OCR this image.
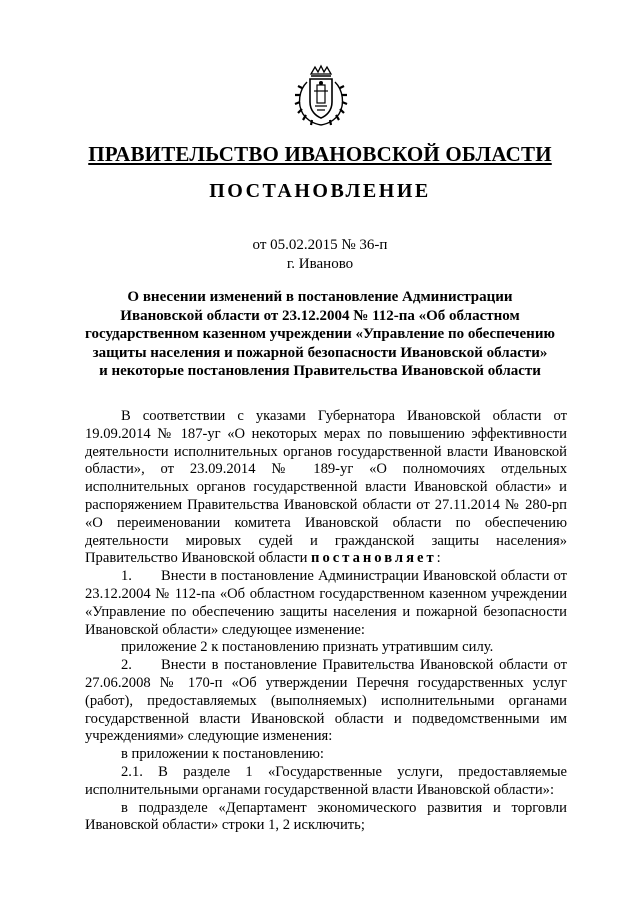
ПРАВИТЕЛЬСТВО ИВАНОВСКОЙ ОБЛАСТИ
ПОСТАНОВЛЕНИЕ
от 05.02.2015 № 36-п
г. Иваново
О внесении изменений в постановление Администрации
Ивановской области от 23.12.2004 № 112-па «Об областном
государственном казенном учреждении «Управление по обеспечению
защиты населения и пожарной безопасности Ивановской области»
и некоторые постановления Правительства Ивановской области

В соответствии с указами Губернатора Ивановской области от 19.09.2014 № 187-уг «О некоторых мерах по повышению эффективности деятельности исполнительных органов государственной власти Ивановской области», от 23.09.2014 № 189-уг «О полномочиях отдельных исполнительных органов государственной власти Ивановской области» и распоряжением Правительства Ивановской области от 27.11.2014 № 280-рп «О переименовании комитета Ивановской области по обеспечению деятельности мировых судей и гражданской защиты населения» Правительство Ивановской области постановляет:

1. Внести в постановление Администрации Ивановской области от 23.12.2004 № 112-па «Об областном государственном казенном учреждении «Управление по обеспечению защиты населения и пожарной безопасности Ивановской области» следующее изменение:

приложение 2 к постановлению признать утратившим силу.

2. Внести в постановление Правительства Ивановской области от 27.06.2008 № 170-п «Об утверждении Перечня государственных услуг (работ), предоставляемых (выполняемых) исполнительными органами государственной власти Ивановской области и подведомственными им учреждениями» следующие изменения:

в приложении к постановлению:

2.1. В разделе 1 «Государственные услуги, предоставляемые исполнительными органами государственной власти Ивановской области»:

в подразделе «Департамент экономического развития и торговли Ивановской области» строки 1, 2 исключить;
